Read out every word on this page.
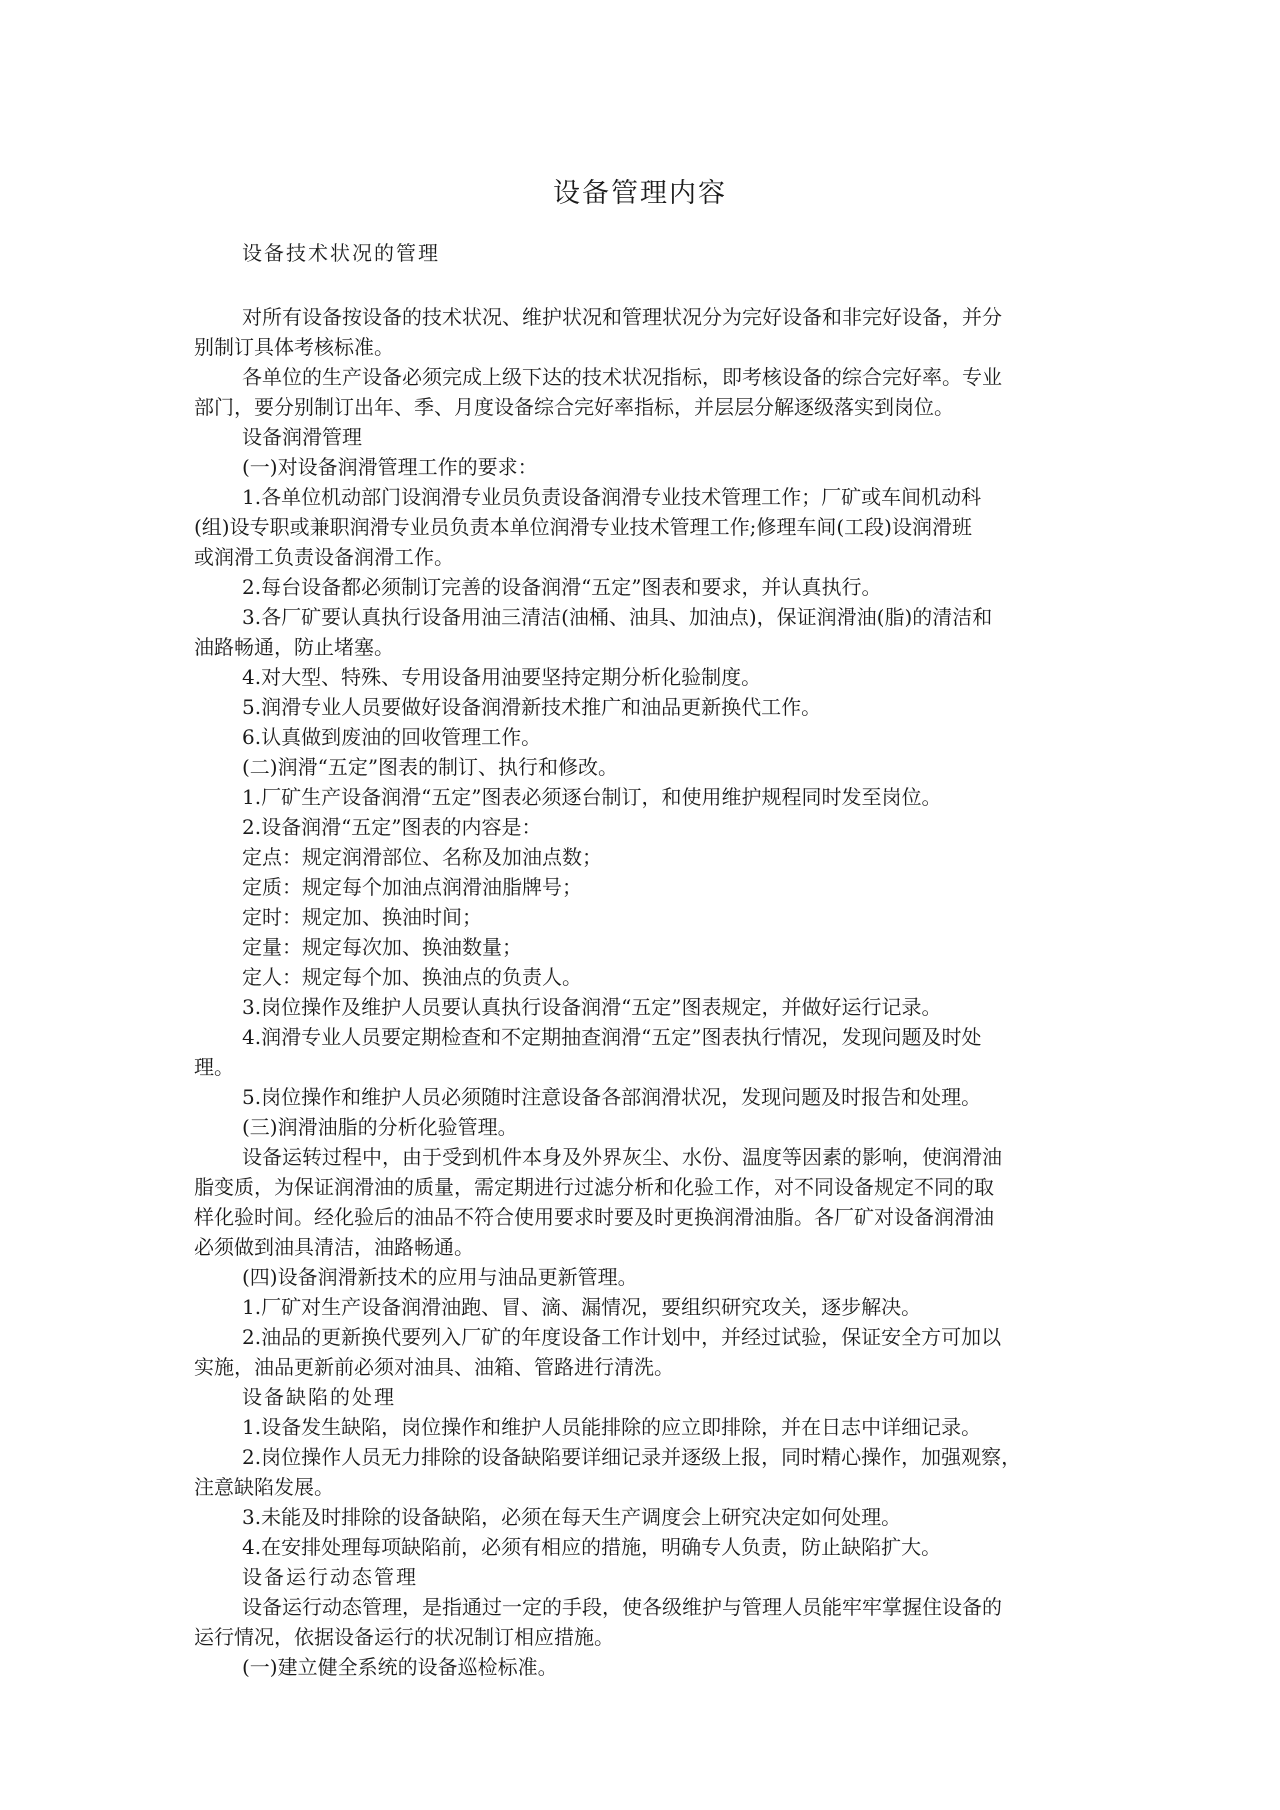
设备管理内容
设备技术状况的管理
对所有设备按设备的技术状况、维护状况和管理状况分为完好设备和非完好设备，并分
别制订具体考核标准。
各单位的生产设备必须完成上级下达的技术状况指标，即考核设备的综合完好率。专业
部门，要分别制订出年、季、月度设备综合完好率指标，并层层分解逐级落实到岗位。
设备润滑管理
(一)对设备润滑管理工作的要求：
1.各单位机动部门设润滑专业员负责设备润滑专业技术管理工作；厂矿或车间机动科
(组)设专职或兼职润滑专业员负责本单位润滑专业技术管理工作;修理车间(工段)设润滑班
或润滑工负责设备润滑工作。
2.每台设备都必须制订完善的设备润滑“五定”图表和要求，并认真执行。
3.各厂矿要认真执行设备用油三清洁(油桶、油具、加油点)，保证润滑油(脂)的清洁和
油路畅通，防止堵塞。
4.对大型、特殊、专用设备用油要坚持定期分析化验制度。
5.润滑专业人员要做好设备润滑新技术推广和油品更新换代工作。
6.认真做到废油的回收管理工作。
(二)润滑“五定”图表的制订、执行和修改。
1.厂矿生产设备润滑“五定”图表必须逐台制订，和使用维护规程同时发至岗位。
2.设备润滑“五定”图表的内容是：
定点：规定润滑部位、名称及加油点数；
定质：规定每个加油点润滑油脂牌号；
定时：规定加、换油时间；
定量：规定每次加、换油数量；
定人：规定每个加、换油点的负责人。
3.岗位操作及维护人员要认真执行设备润滑“五定”图表规定，并做好运行记录。
4.润滑专业人员要定期检查和不定期抽查润滑“五定”图表执行情况，发现问题及时处
理。
5.岗位操作和维护人员必须随时注意设备各部润滑状况，发现问题及时报告和处理。
(三)润滑油脂的分析化验管理。
设备运转过程中，由于受到机件本身及外界灰尘、水份、温度等因素的影响，使润滑油
脂变质，为保证润滑油的质量，需定期进行过滤分析和化验工作，对不同设备规定不同的取
样化验时间。经化验后的油品不符合使用要求时要及时更换润滑油脂。各厂矿对设备润滑油
必须做到油具清洁，油路畅通。
(四)设备润滑新技术的应用与油品更新管理。
1.厂矿对生产设备润滑油跑、冒、滴、漏情况，要组织研究攻关，逐步解决。
2.油品的更新换代要列入厂矿的年度设备工作计划中，并经过试验，保证安全方可加以
实施，油品更新前必须对油具、油箱、管路进行清洗。
设备缺陷的处理
1.设备发生缺陷，岗位操作和维护人员能排除的应立即排除，并在日志中详细记录。
2.岗位操作人员无力排除的设备缺陷要详细记录并逐级上报，同时精心操作，加强观察，
注意缺陷发展。
3.未能及时排除的设备缺陷，必须在每天生产调度会上研究决定如何处理。
4.在安排处理每项缺陷前，必须有相应的措施，明确专人负责，防止缺陷扩大。
设备运行动态管理
设备运行动态管理，是指通过一定的手段，使各级维护与管理人员能牢牢掌握住设备的
运行情况，依据设备运行的状况制订相应措施。
(一)建立健全系统的设备巡检标准。
